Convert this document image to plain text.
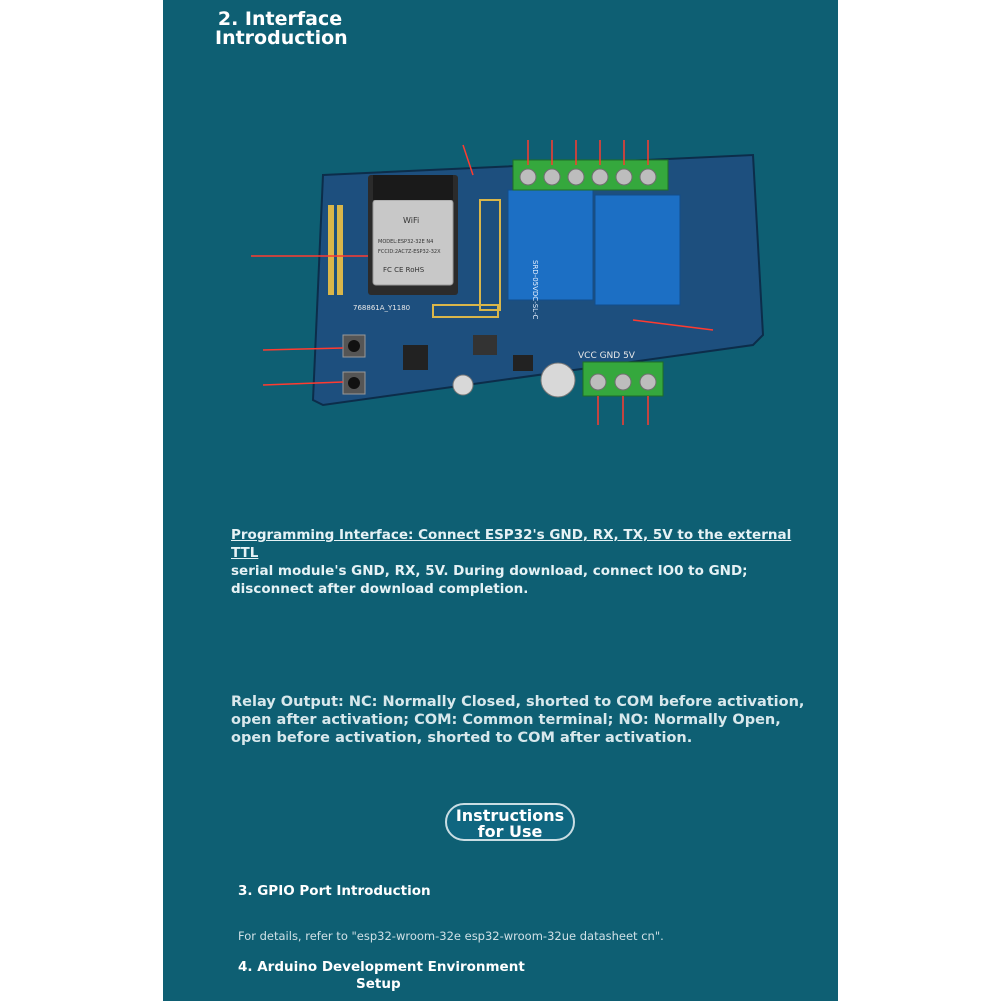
2. Interface
Introduction
WiFi
MODEL:ESP32-32E N4
FCCID:2AC7Z-ESP32-32X
FC CE RoHS
768861A_Y1180	SRD-05VDC-SL-C
VCC GND 5V
Programming Interface: Connect ESP32's GND, RX, TX, 5V to the external TTL
serial module's GND, RX, 5V. During download, connect IO0 to GND;
disconnect after download completion.
Relay Output: NC: Normally Closed, shorted to COM before activation,
open after activation; COM: Common terminal; NO: Normally Open,
open before activation, shorted to COM after activation.
Instructions
for Use
3. GPIO Port Introduction
For details, refer to "esp32-wroom-32e esp32-wroom-32ue datasheet cn".
4. Arduino Development Environment
Setup
